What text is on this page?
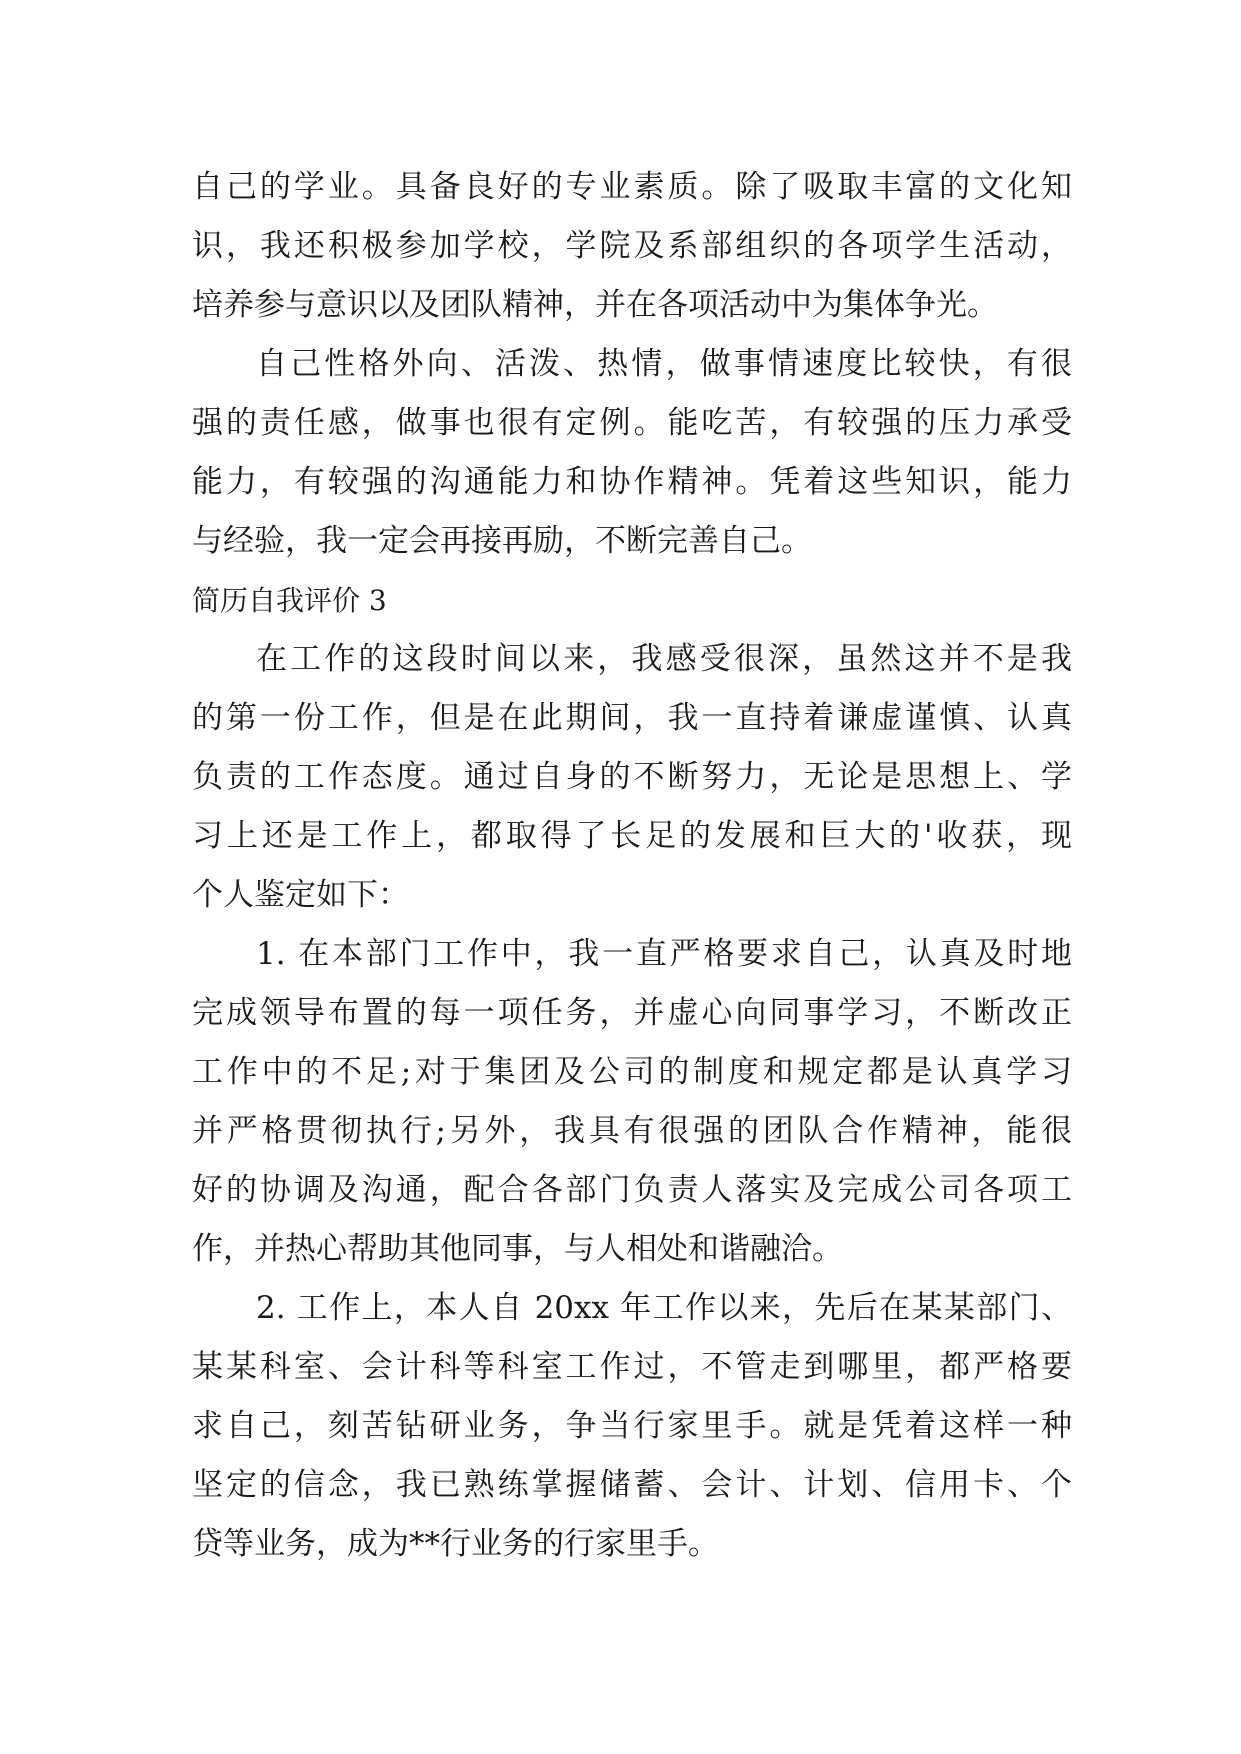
自己的学业。具备良好的专业素质。除了吸取丰富的文化知
识，我还积极参加学校，学院及系部组织的各项学生活动，
培养参与意识以及团队精神，并在各项活动中为集体争光。
自己性格外向、活泼、热情，做事情速度比较快，有很
强的责任感，做事也很有定例。能吃苦，有较强的压力承受
能力，有较强的沟通能力和协作精神。凭着这些知识，能力
与经验，我一定会再接再励，不断完善自己。
简历自我评价 3
在工作的这段时间以来，我感受很深，虽然这并不是我
的第一份工作，但是在此期间，我一直持着谦虚谨慎、认真
负责的工作态度。通过自身的不断努力，无论是思想上、学
习上还是工作上，都取得了长足的发展和巨大的'收获，现
个人鉴定如下：
1. 在本部门工作中，我一直严格要求自己，认真及时地
完成领导布置的每一项任务，并虚心向同事学习，不断改正
工作中的不足;对于集团及公司的制度和规定都是认真学习
并严格贯彻执行;另外，我具有很强的团队合作精神，能很
好的协调及沟通，配合各部门负责人落实及完成公司各项工
作，并热心帮助其他同事，与人相处和谐融洽。
2. 工作上，本人自 20xx 年工作以来，先后在某某部门、
某某科室、会计科等科室工作过，不管走到哪里，都严格要
求自己，刻苦钻研业务，争当行家里手。就是凭着这样一种
坚定的信念，我已熟练掌握储蓄、会计、计划、信用卡、个
贷等业务，成为**行业务的行家里手。
